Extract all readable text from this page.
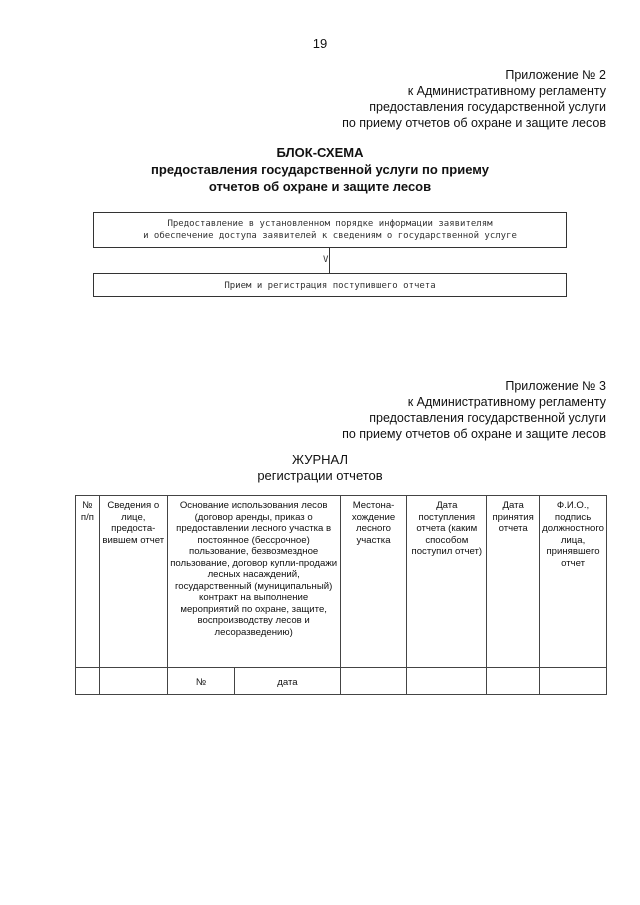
19
Приложение № 2
к Административному регламенту
предоставления государственной услуги
по приему отчетов об охране и защите лесов
БЛОК-СХЕМА
предоставления государственной услуги по приему
отчетов об охране и защите лесов
Предоставление в установленном порядке информации заявителям
и обеспечение доступа заявителей к сведениям о государственной услуге
V
Прием и регистрация поступившего отчета
Приложение № 3
к Административному регламенту
предоставления государственной услуги
по приему отчетов об охране и защите лесов
ЖУРНАЛ
регистрации отчетов
№ п/п	Сведения о лице, предоста-вившем отчет	Основание использования лесов (договор аренды, приказ о предоставлении лесного участка в постоянное (бессрочное) пользование, безвозмездное пользование, договор купли-продажи лесных насаждений, государственный (муниципальный) контракт на выполнение мероприятий по охране, защите, воспроизводству лесов и лесоразведению)		Местона-хождение лесного участка	Дата поступления отчета (каким способом поступил отчет)	Дата принятия отчета	Ф.И.О., подпись должностного лица, принявшего отчет
		№	дата				
